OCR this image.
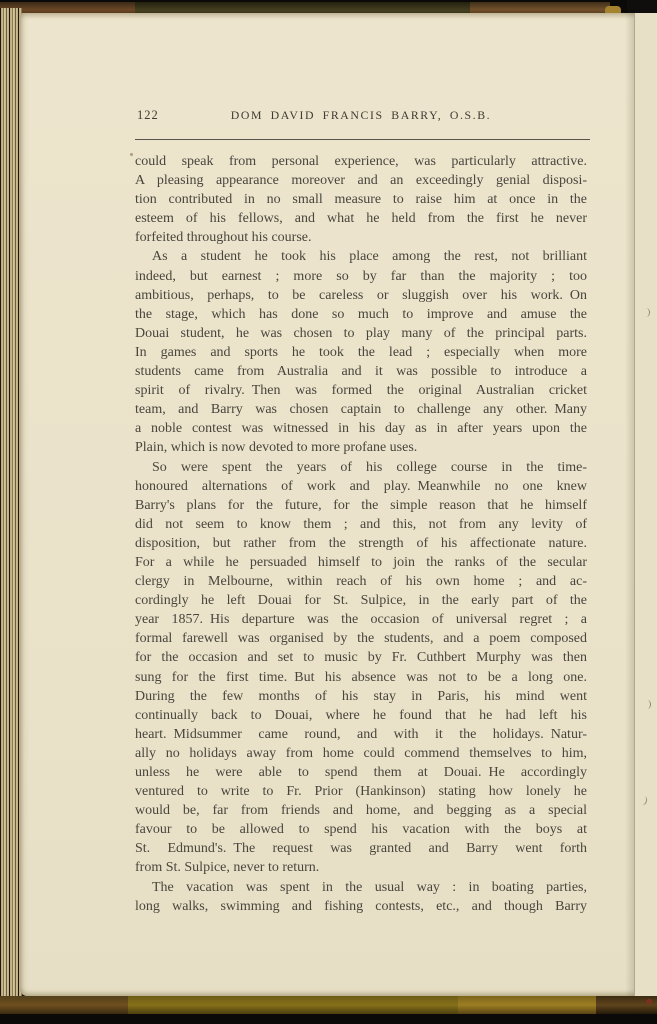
122	DOM DAVID FRANCIS BARRY, O.S.B.
could speak from personal experience, was particularly attractive.
A pleasing appearance moreover and an exceedingly genial disposi-
tion contributed in no small measure to raise him at once in the
esteem of his fellows, and what he held from the first he never
forfeited throughout his course.
As a student he took his place among the rest, not brilliant
indeed, but earnest ; more so by far than the majority ; too
ambitious, perhaps, to be careless or sluggish over his work. On
the stage, which has done so much to improve and amuse the
Douai student, he was chosen to play many of the principal parts.
In games and sports he took the lead ; especially when more
students came from Australia and it was possible to introduce a
spirit of rivalry. Then was formed the original Australian cricket
team, and Barry was chosen captain to challenge any other. Many
a noble contest was witnessed in his day as in after years upon the
Plain, which is now devoted to more profane uses.
So were spent the years of his college course in the time-
honoured alternations of work and play. Meanwhile no one knew
Barry's plans for the future, for the simple reason that he himself
did not seem to know them ; and this, not from any levity of
disposition, but rather from the strength of his affectionate nature.
For a while he persuaded himself to join the ranks of the secular
clergy in Melbourne, within reach of his own home ; and ac-
cordingly he left Douai for St. Sulpice, in the early part of the
year 1857. His departure was the occasion of universal regret ; a
formal farewell was organised by the students, and a poem composed
for the occasion and set to music by Fr. Cuthbert Murphy was then
sung for the first time. But his absence was not to be a long one.
During the few months of his stay in Paris, his mind went
continually back to Douai, where he found that he had left his
heart. Midsummer came round, and with it the holidays. Natur-
ally no holidays away from home could commend themselves to him,
unless he were able to spend them at Douai. He accordingly
ventured to write to Fr. Prior (Hankinson) stating how lonely he
would be, far from friends and home, and begging as a special
favour to be allowed to spend his vacation with the boys at
St. Edmund's. The request was granted and Barry went forth
from St. Sulpice, never to return.
The vacation was spent in the usual way : in boating parties,
long walks, swimming and fishing contests, etc., and though Barry
